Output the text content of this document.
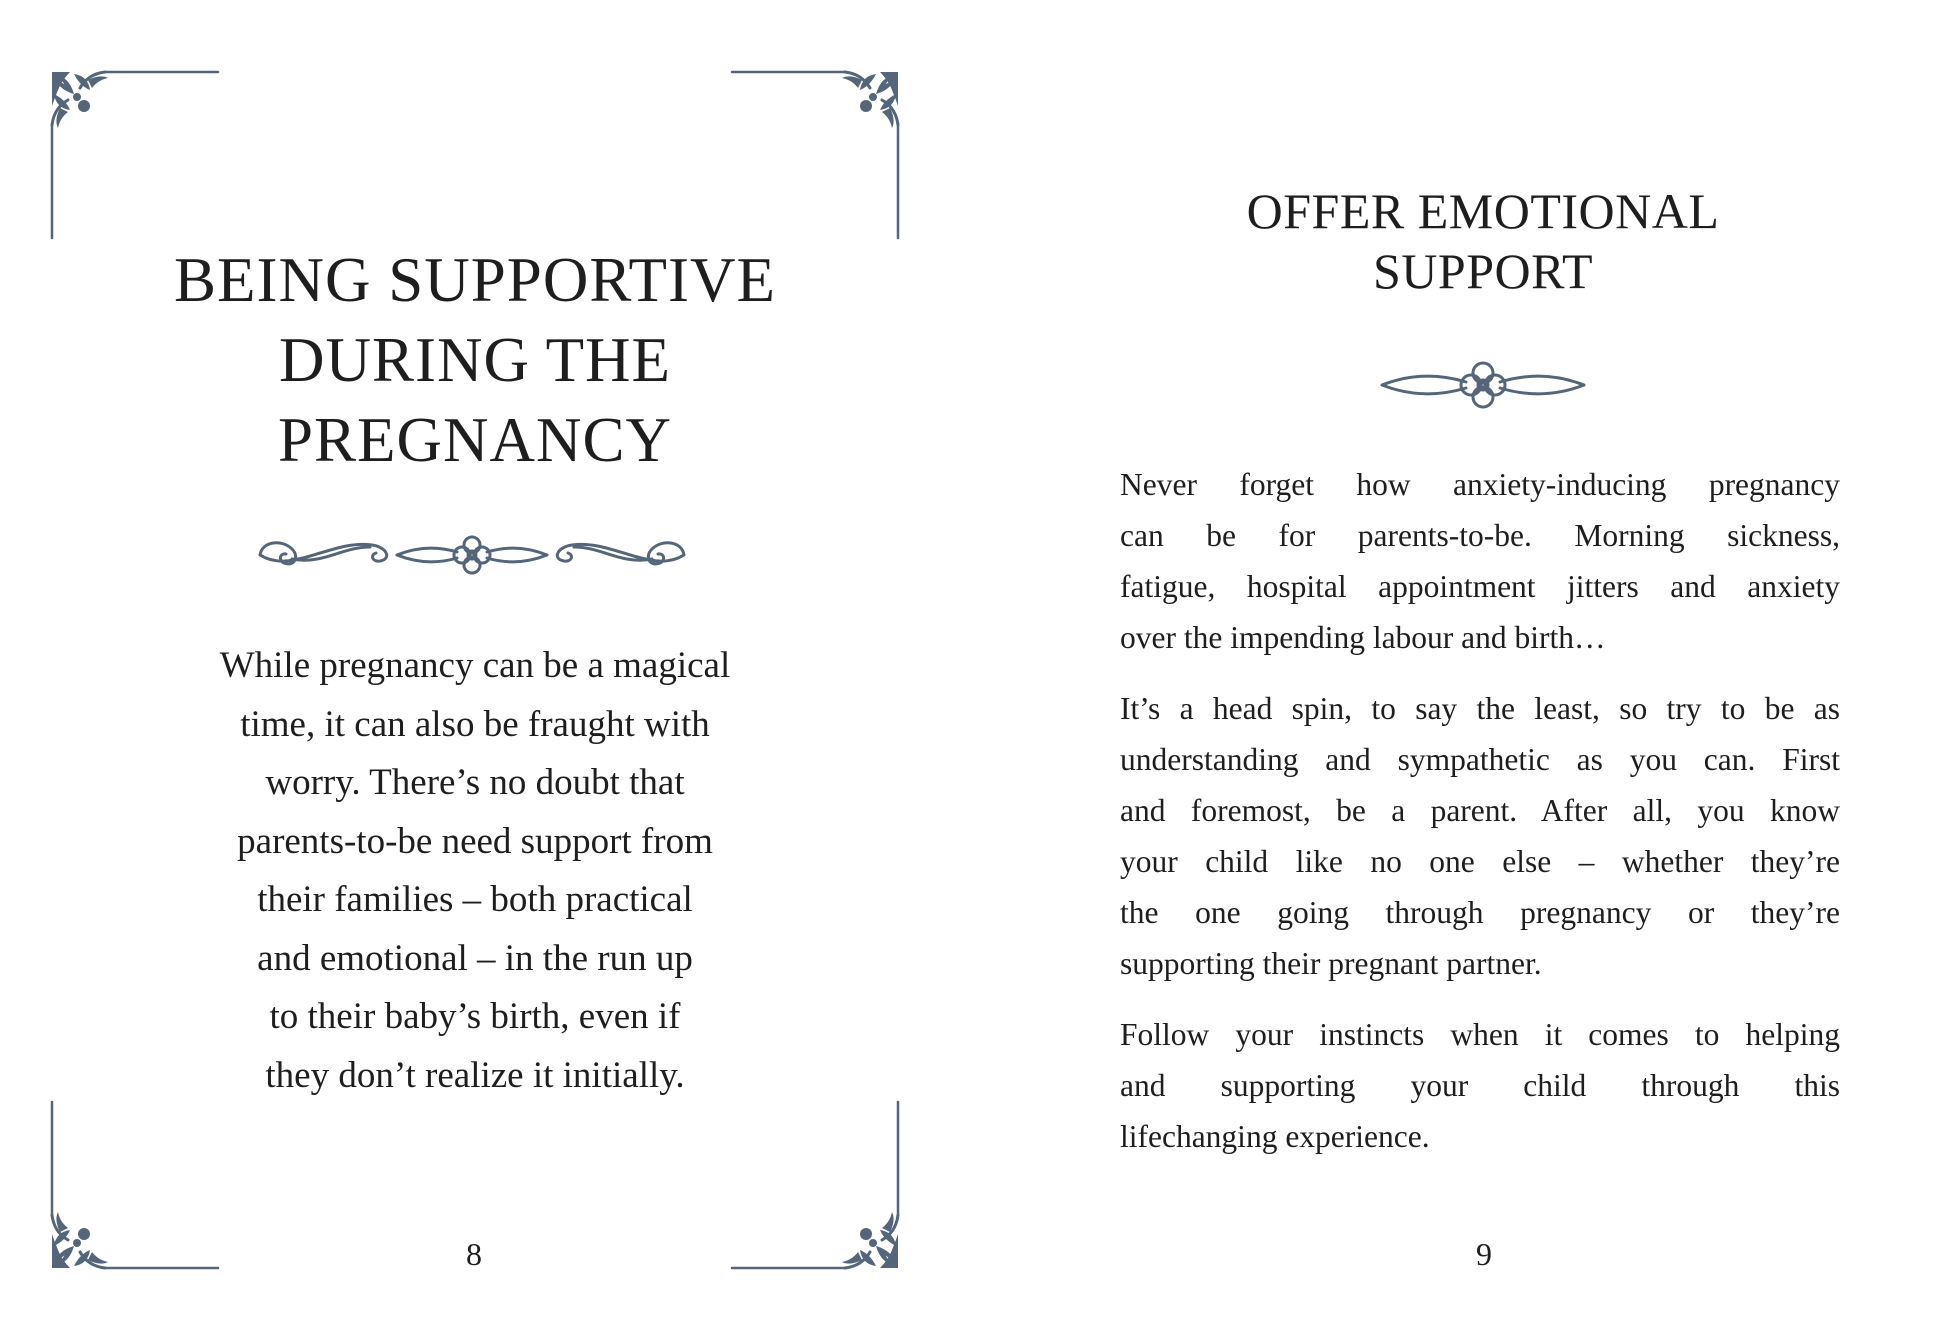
BEING SUPPORTIVE
DURING THE
PREGNANCY
While pregnancy can be a magical
time, it can also be fraught with
worry. There’s no doubt that
parents-to-be need support from
their families – both practical
and emotional – in the run up
to their baby’s birth, even if
they don’t realize it initially.
8
OFFER EMOTIONAL
SUPPORT

Never forget how anxiety-inducing pregnancy
can be for parents-to-be. Morning sickness,
fatigue, hospital appointment jitters and anxiety
over the impending labour and birth…

It’s a head spin, to say the least, so try to be as
understanding and sympathetic as you can. First
and foremost, be a parent. After all, you know
your child like no one else – whether they’re
the one going through pregnancy or they’re
supporting their pregnant partner.

Follow your instincts when it comes to helping
and supporting your child through this
lifechanging experience.

9
